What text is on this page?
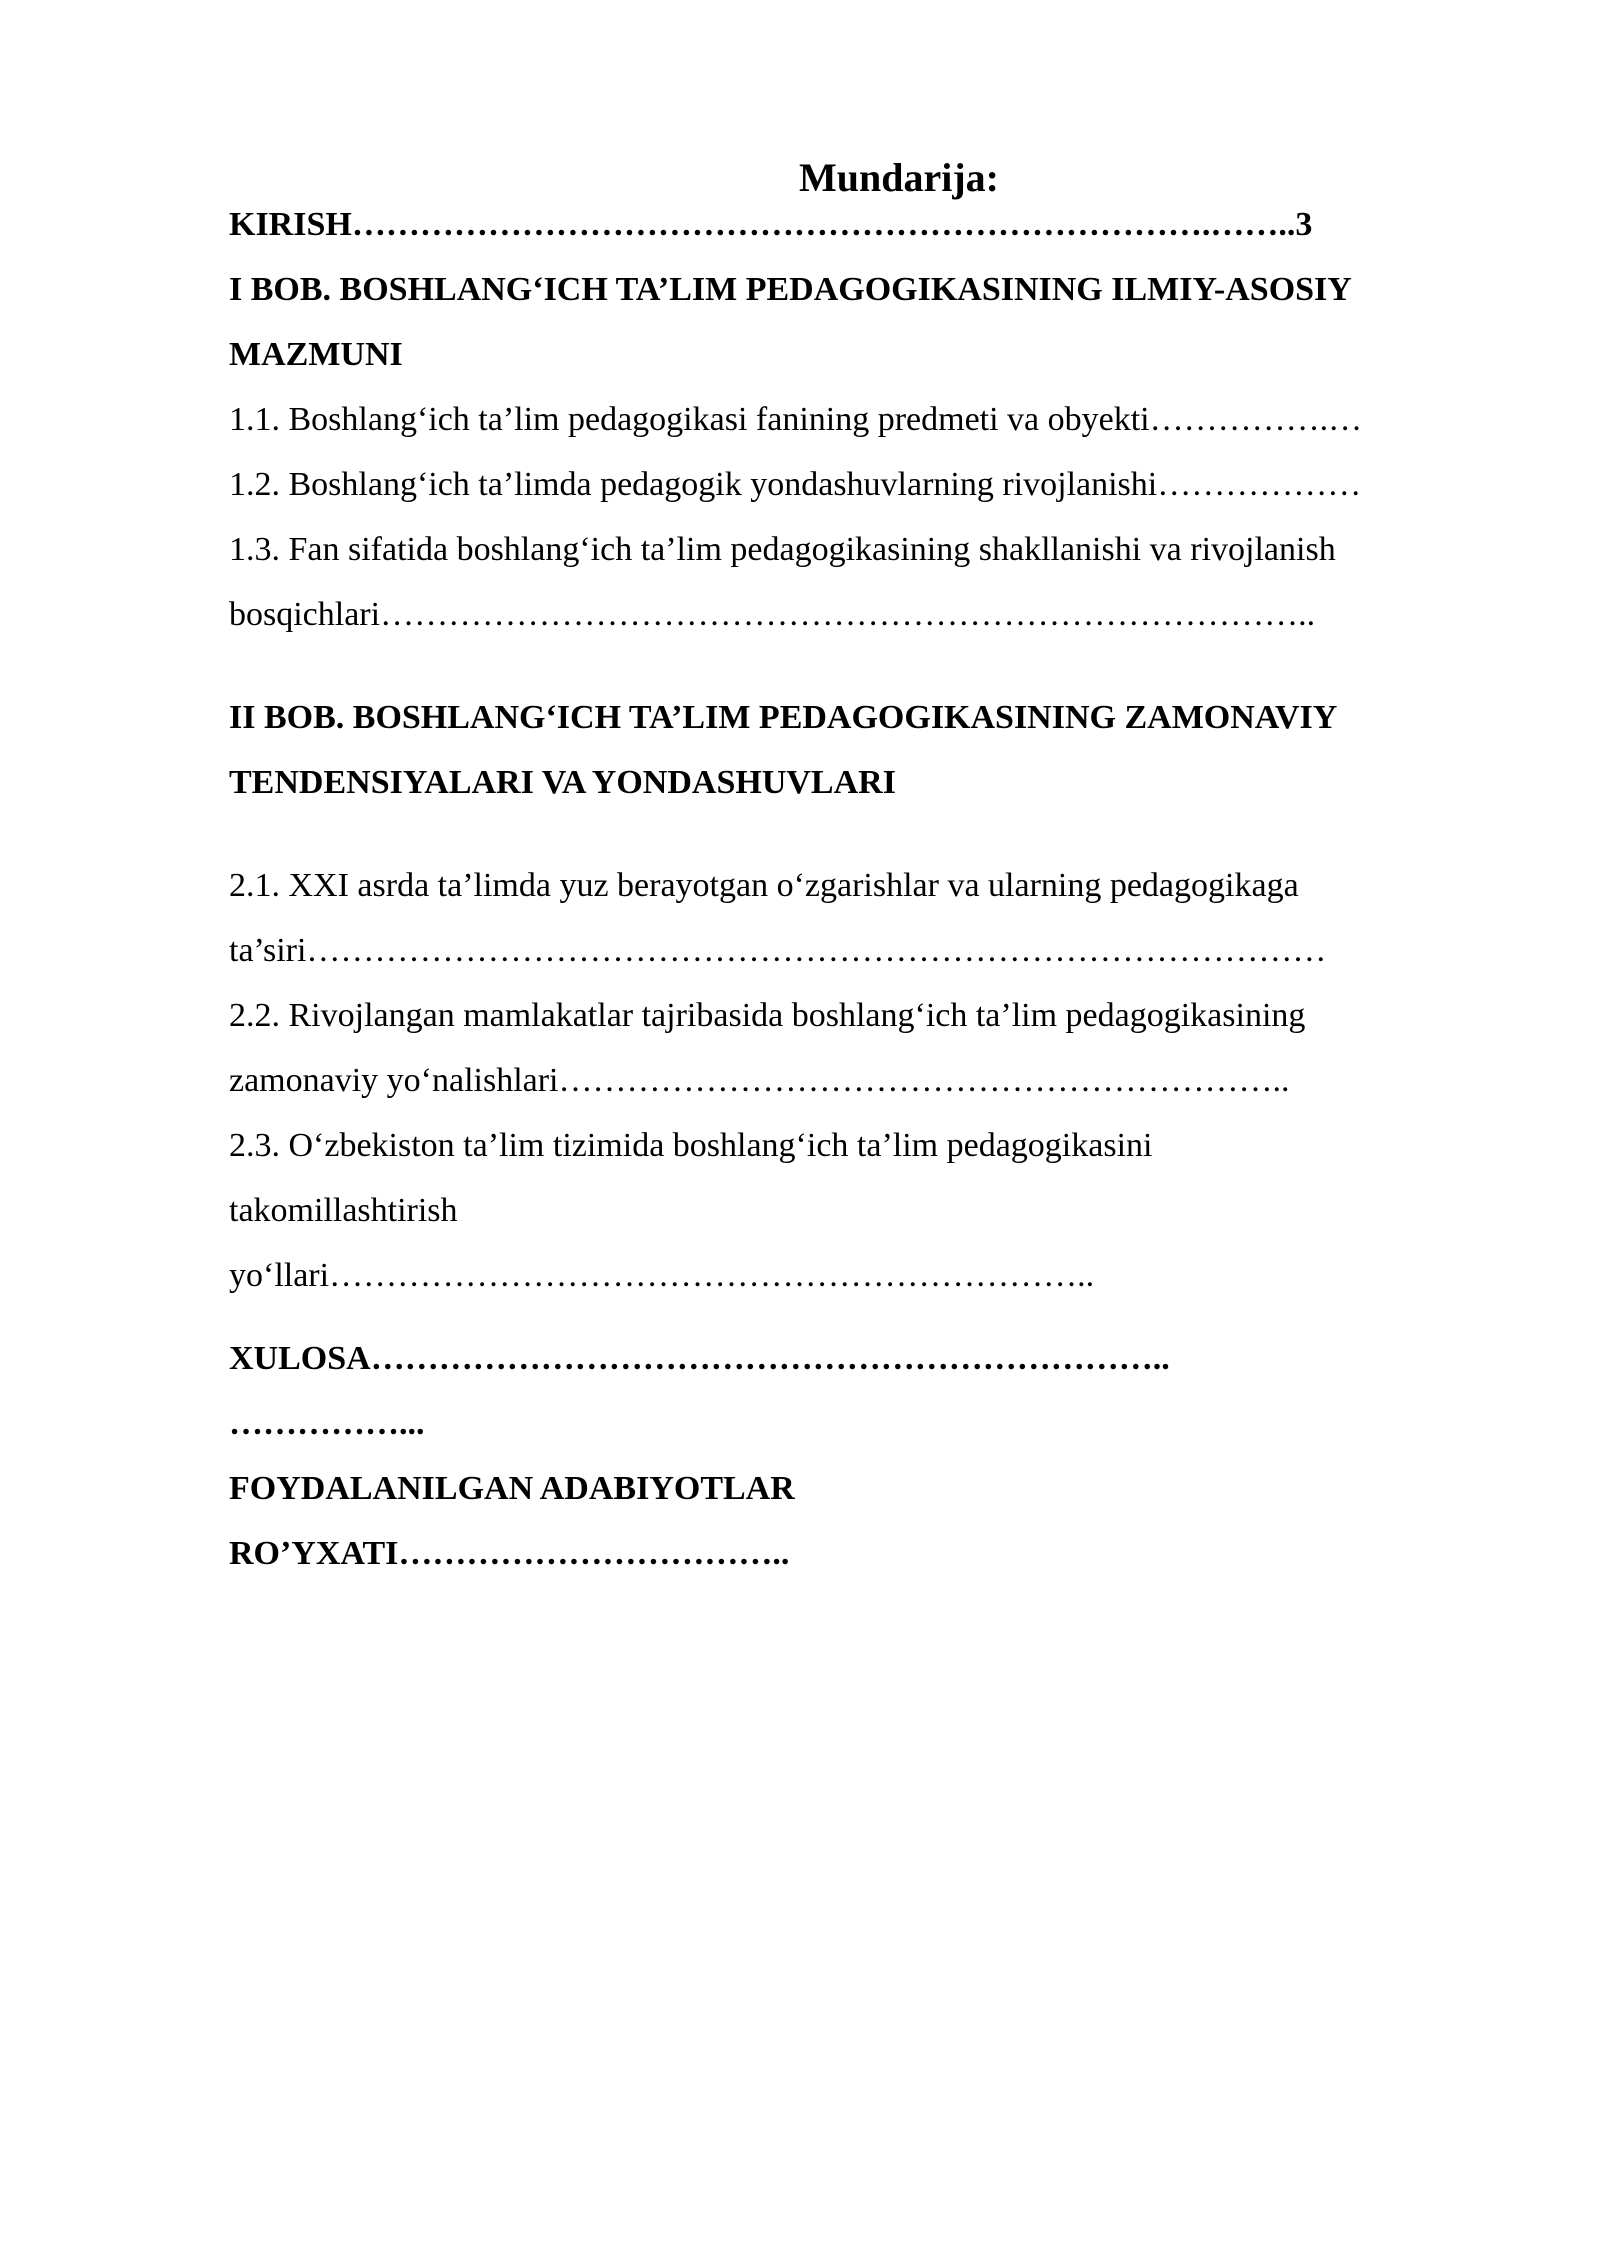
Mundarija:
KIRISH………………………………………………………………….……..3
I BOB. BOSHLANG‘ICH TA’LIM PEDAGOGIKASINING ILMIY-ASOSIY
MAZMUNI
1.1. Boshlang‘ich ta’lim pedagogikasi fanining predmeti va obyekti…………….…
1.2. Boshlang‘ich ta’limda pedagogik yondashuvlarning rivojlanishi………………
1.3. Fan sifatida boshlang‘ich ta’lim pedagogikasining shakllanishi va rivojlanish
bosqichlari………………………………………………………………………..
II BOB. BOSHLANG‘ICH TA’LIM PEDAGOGIKASINING ZAMONAVIY
TENDENSIYALARI VA YONDASHUVLARI
2.1. XXI asrda ta’limda yuz berayotgan o‘zgarishlar va ularning pedagogikaga
ta’siri………………………………………………………………………………
2.2. Rivojlangan mamlakatlar tajribasida boshlang‘ich ta’lim pedagogikasining
zamonaviy yo‘nalishlari………………………………………………………..
2.3. O‘zbekiston ta’lim tizimida boshlang‘ich ta’lim pedagogikasini
takomillashtirish
yo‘llari…………………………………………………………..
XULOSA……………………………………………………………..
……………...
FOYDALANILGAN ADABIYOTLAR
RO’YXATI……………………………..
